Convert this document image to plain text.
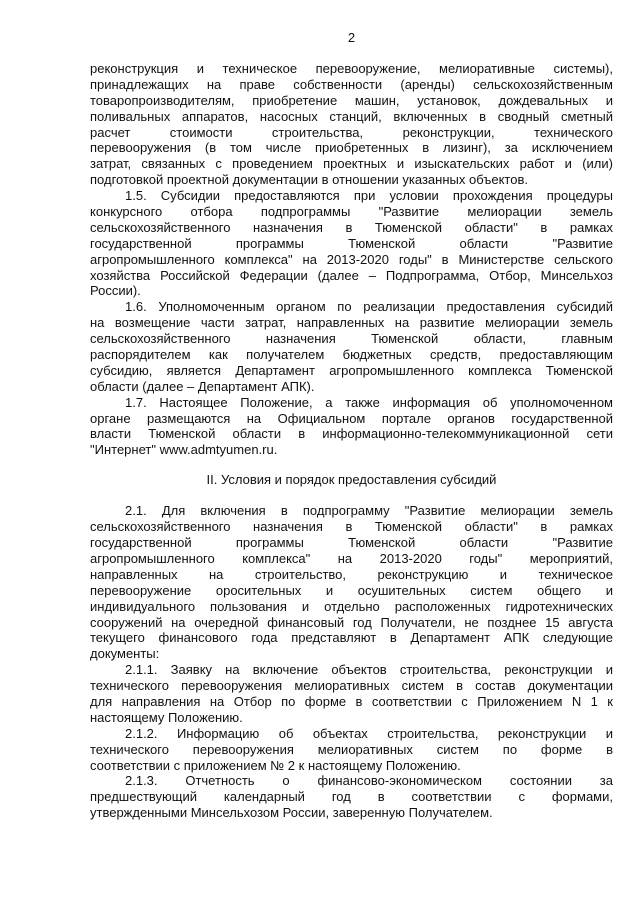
2
реконструкция и техническое перевооружение, мелиоративные системы),
принадлежащих на праве собственности (аренды) сельскохозяйственным
товаропроизводителям, приобретение машин, установок, дождевальных и
поливальных аппаратов, насосных станций, включенных в сводный сметный
расчет стоимости строительства, реконструкции, технического
перевооружения (в том числе приобретенных в лизинг), за исключением
затрат, связанных с проведением проектных и изыскательских работ и (или)
подготовкой проектной документации в отношении указанных объектов.
1.5. Субсидии предоставляются при условии прохождения процедуры
конкурсного отбора подпрограммы "Развитие мелиорации земель
сельскохозяйственного назначения в Тюменской области" в рамках
государственной программы Тюменской области "Развитие
агропромышленного комплекса" на 2013-2020 годы" в Министерстве сельского
хозяйства Российской Федерации (далее – Подпрограмма, Отбор, Минсельхоз
России).
1.6. Уполномоченным органом по реализации предоставления субсидий
на возмещение части затрат, направленных на развитие мелиорации земель
сельскохозяйственного назначения Тюменской области, главным
распорядителем как получателем бюджетных средств, предоставляющим
субсидию, является Департамент агропромышленного комплекса Тюменской
области (далее – Департамент АПК).
1.7. Настоящее Положение, а также информация об уполномоченном
органе размещаются на Официальном портале органов государственной
власти Тюменской области в информационно-телекоммуникационной сети
"Интернет" www.admtyumen.ru.
II. Условия и порядок предоставления субсидий
2.1. Для включения в подпрограмму "Развитие мелиорации земель
сельскохозяйственного назначения в Тюменской области" в рамках
государственной программы Тюменской области "Развитие
агропромышленного комплекса" на 2013-2020 годы" мероприятий,
направленных на строительство, реконструкцию и техническое
перевооружение оросительных и осушительных систем общего и
индивидуального пользования и отдельно расположенных гидротехнических
сооружений на очередной финансовый год Получатели, не позднее 15 августа
текущего финансового года представляют в Департамент АПК следующие
документы:
2.1.1. Заявку на включение объектов строительства, реконструкции и
технического перевооружения мелиоративных систем в состав документации
для направления на Отбор по форме в соответствии с Приложением N 1 к
настоящему Положению.
2.1.2. Информацию об объектах строительства, реконструкции и
технического перевооружения мелиоративных систем по форме в
соответствии с приложением № 2 к настоящему Положению.
2.1.3. Отчетность о финансово-экономическом состоянии за
предшествующий календарный год в соответствии с формами,
утвержденными Минсельхозом России, заверенную Получателем.
